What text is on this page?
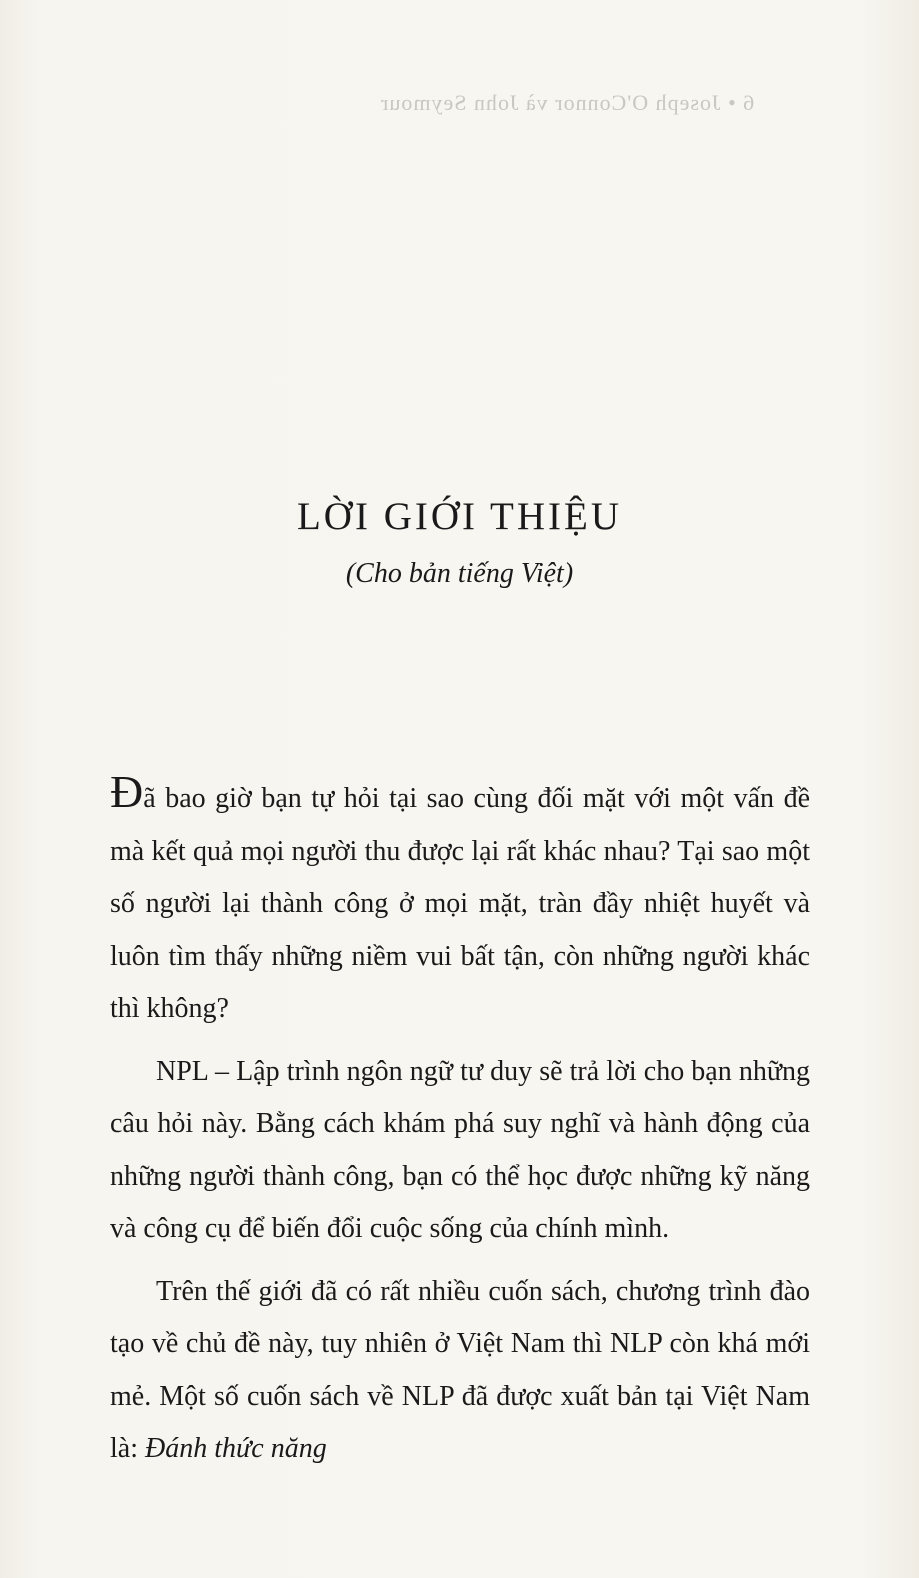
6 • Joseph O'Connor và John Seymour
LỜI GIỚI THIỆU
(Cho bản tiếng Việt)

Đã bao giờ bạn tự hỏi tại sao cùng đối mặt với một vấn đề mà kết quả mọi người thu được lại rất khác nhau? Tại sao một số người lại thành công ở mọi mặt, tràn đầy nhiệt huyết và luôn tìm thấy những niềm vui bất tận, còn những người khác thì không?

NPL – Lập trình ngôn ngữ tư duy sẽ trả lời cho bạn những câu hỏi này. Bằng cách khám phá suy nghĩ và hành động của những người thành công, bạn có thể học được những kỹ năng và công cụ để biến đổi cuộc sống của chính mình.

Trên thế giới đã có rất nhiều cuốn sách, chương trình đào tạo về chủ đề này, tuy nhiên ở Việt Nam thì NLP còn khá mới mẻ. Một số cuốn sách về NLP đã được xuất bản tại Việt Nam là: Đánh thức năng
